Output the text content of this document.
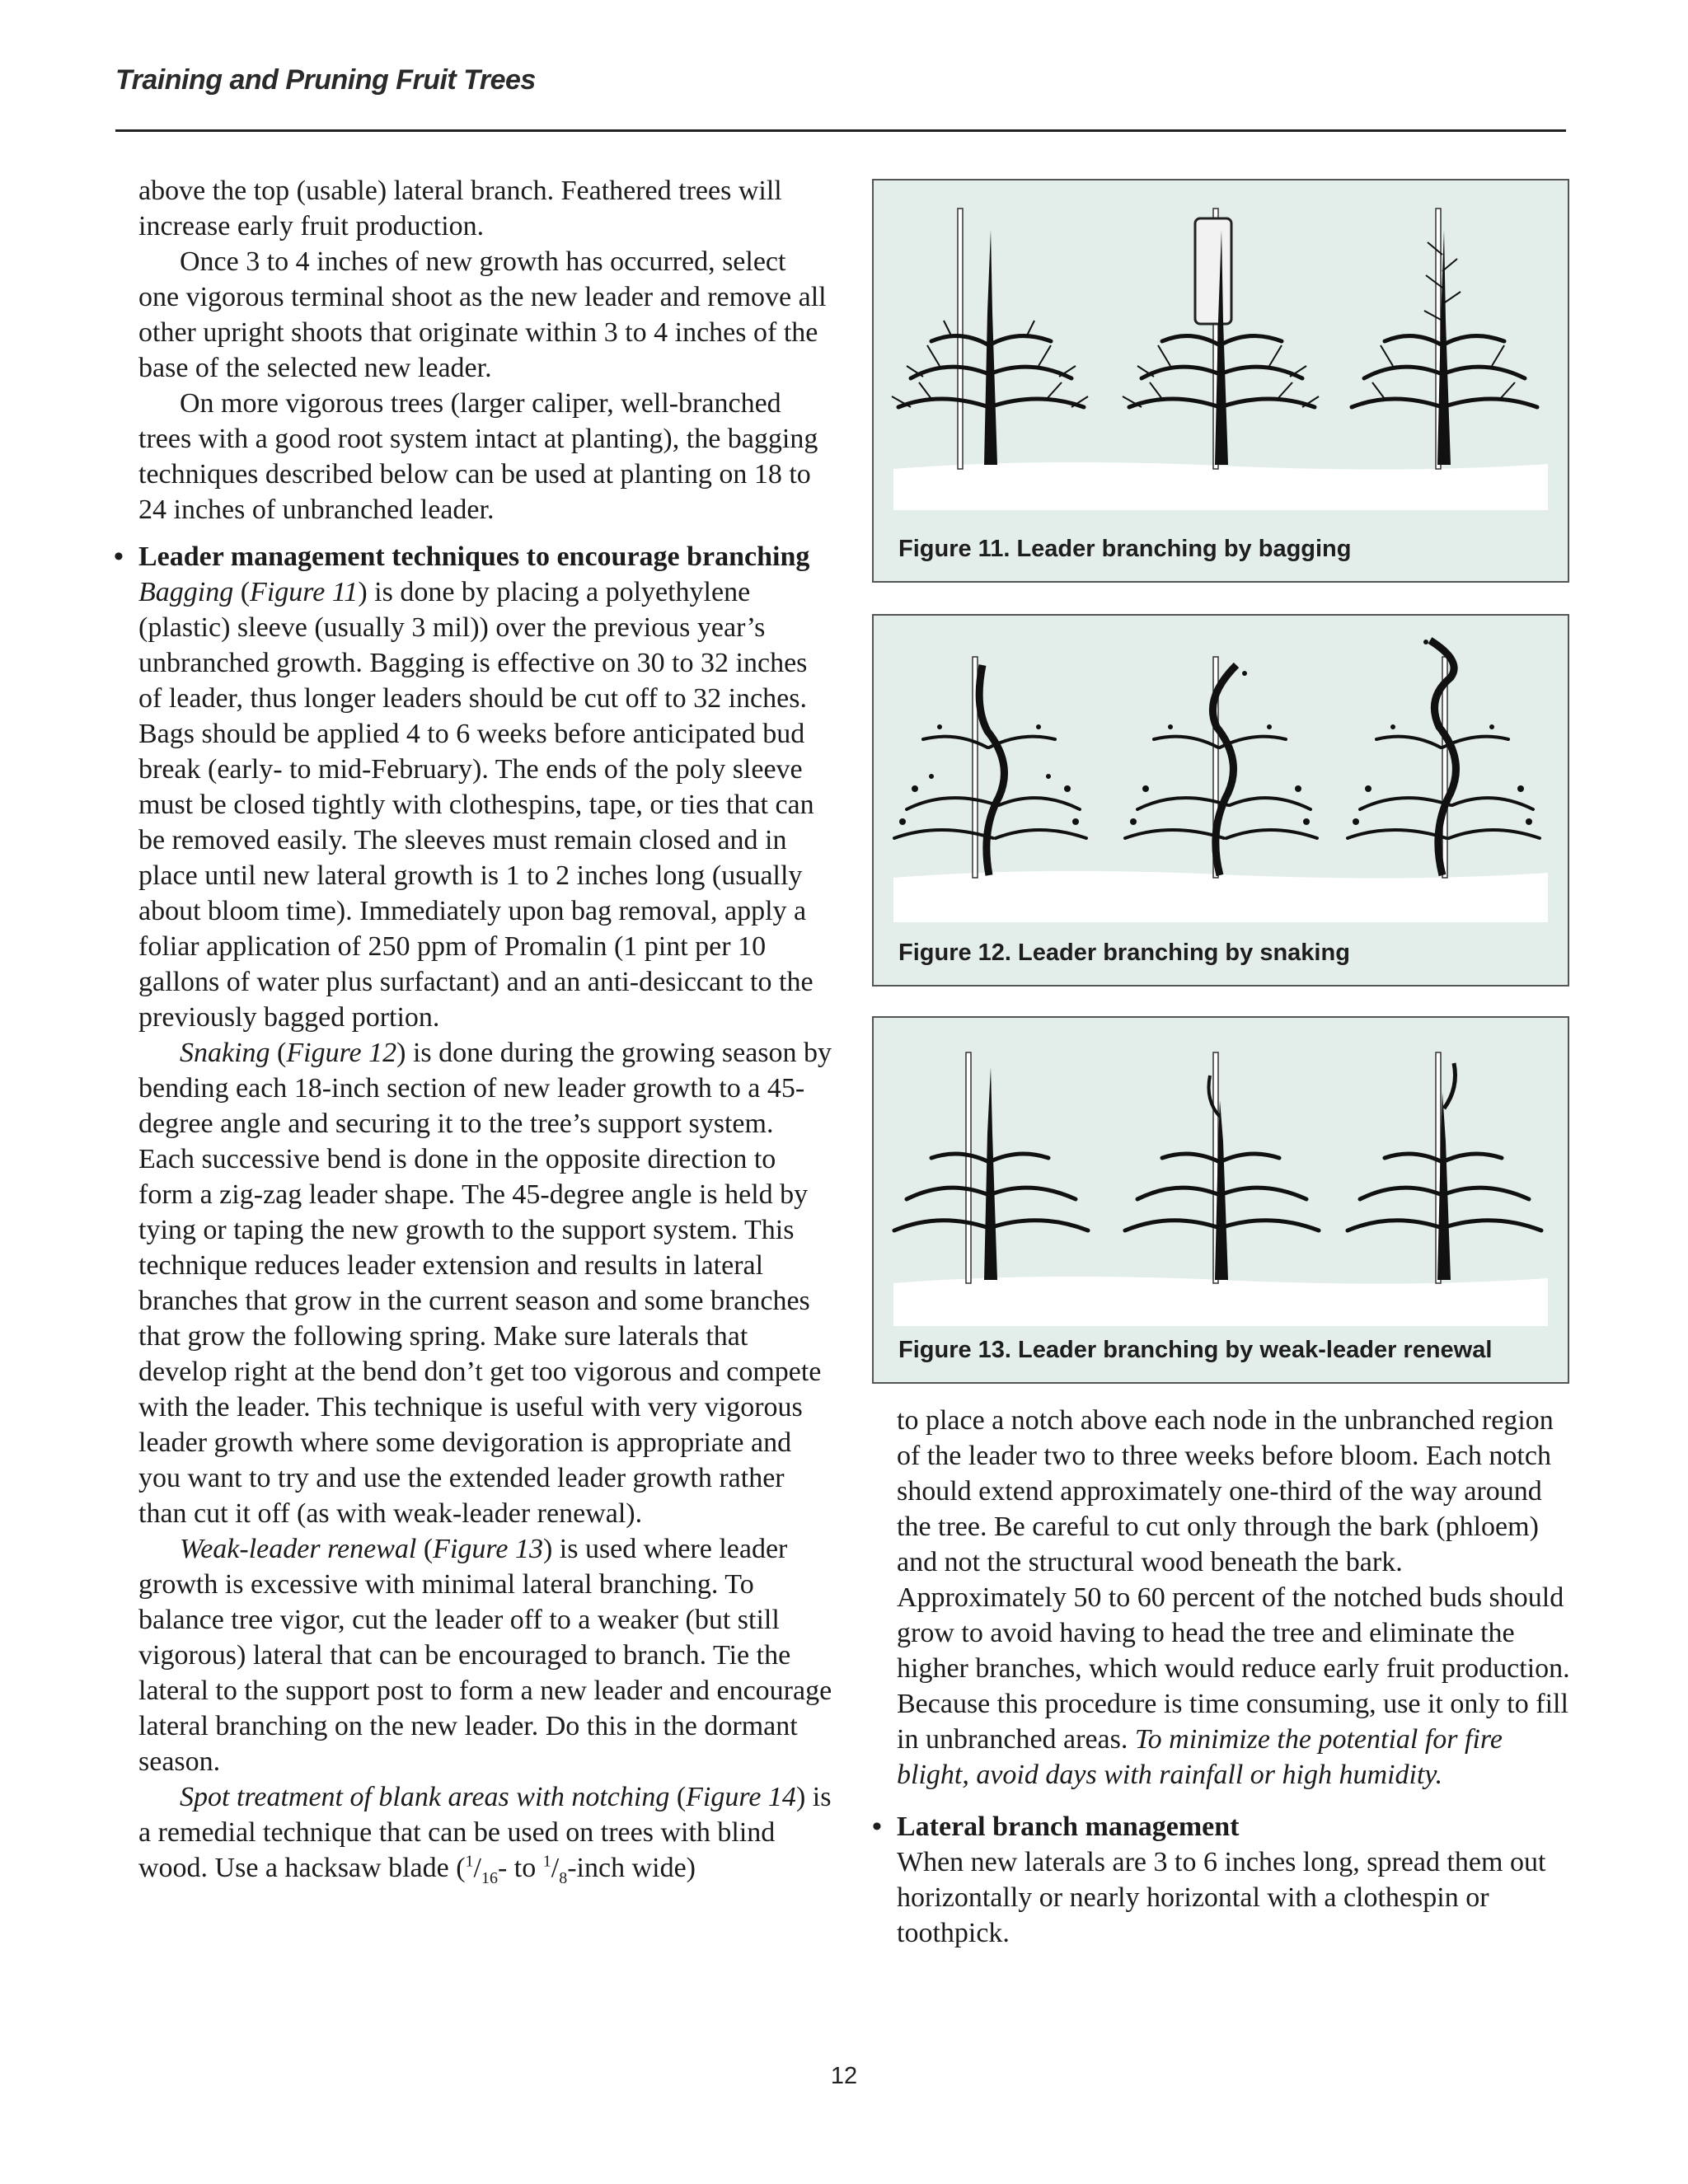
Training and Pruning Fruit Trees

above the top (usable) lateral branch. Feathered trees will increase early fruit production.

Once 3 to 4 inches of new growth has occurred, select one vigorous terminal shoot as the new leader and remove all other upright shoots that originate within 3 to 4 inches of the base of the selected new leader.

On more vigorous trees (larger caliper, well-branched trees with a good root system intact at planting), the bagging techniques described below can be used at planting on 18 to 24 inches of unbranched leader.

• Leader management techniques to encourage branching

Bagging (Figure 11) is done by placing a polyethylene (plastic) sleeve (usually 3 mil)) over the previous year’s unbranched growth. Bagging is effective on 30 to 32 inches of leader, thus longer leaders should be cut off to 32 inches. Bags should be applied 4 to 6 weeks before anticipated bud break (early- to mid-February). The ends of the poly sleeve must be closed tightly with clothespins, tape, or ties that can be removed easily. The sleeves must remain closed and in place until new lateral growth is 1 to 2 inches long (usually about bloom time). Immediately upon bag removal, apply a foliar application of 250 ppm of Promalin (1 pint per 10 gallons of water plus surfactant) and an anti-desiccant to the previously bagged portion.

Snaking (Figure 12) is done during the growing season by bending each 18-inch section of new leader growth to a 45-degree angle and securing it to the tree’s support system. Each successive bend is done in the opposite direction to form a zig-zag leader shape. The 45-degree angle is held by tying or taping the new growth to the support system. This technique reduces leader extension and results in lateral branches that grow in the current season and some branches that grow the following spring. Make sure laterals that develop right at the bend don’t get too vigorous and compete with the leader. This technique is useful with very vigorous leader growth where some devigoration is appropriate and you want to try and use the extended leader growth rather than cut it off (as with weak-leader renewal).

Weak-leader renewal (Figure 13) is used where leader growth is excessive with minimal lateral branching. To balance tree vigor, cut the leader off to a weaker (but still vigorous) lateral that can be encouraged to branch. Tie the lateral to the support post to form a new leader and encourage lateral branching on the new leader. Do this in the dormant season.

Spot treatment of blank areas with notching (Figure 14) is a remedial technique that can be used on trees with blind wood. Use a hacksaw blade ($^1/_{16}-$ to $^1/_8$-inch wide)

Figure 11. Leader branching by bagging
Figure 12. Leader branching by snaking
Figure 13. Leader branching by weak-leader renewal

to place a notch above each node in the unbranched region of the leader two to three weeks before bloom. Each notch should extend approximately one-third of the way around the tree. Be careful to cut only through the bark (phloem) and not the structural wood beneath the bark. Approximately 50 to 60 percent of the notched buds should grow to avoid having to head the tree and eliminate the higher branches, which would reduce early fruit production. Because this procedure is time consuming, use it only to fill in unbranched areas. To minimize the potential for fire blight, avoid days with rainfall or high humidity.

• Lateral branch management

When new laterals are 3 to 6 inches long, spread them out horizontally or nearly horizontal with a clothespin or toothpick.

12
